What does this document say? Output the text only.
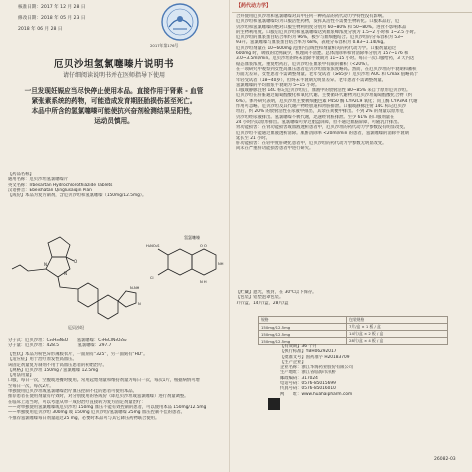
核准日期：2017 年 12 月 28 日
修改日期：2018 年 05 月 23 日
2018 年 06 月 28 日
2017年第176号
厄贝沙坦氢氯噻嗪片说明书
请仔细阅读说明书并在医师指导下使用
一旦发现妊娠应当尽快停止使用本品。直接作用于肾素 - 血管
紧张素系统的药物，可能造成发育期胚胎损伤甚至死亡。
本品中所含的氢氯噻嗪可能使抗兴奋剂检测结果呈阳性，
运动员慎用。
【药品名称】
通用名称：厄贝沙坦氢氯噻嗪片
英文名称：Irbesartan Hydrochlorothiazide Tablets
汉语拼音：Ebeishatan Qinglüsaiqin Pian
【成份】本品为复方制剂，含厄贝沙坦和氢氯噻嗪（150mg/12.5mg）。
O
N
N
N-NH
N
H₂NO₂S
Cl
O O
NH
N H
厄贝沙坦
氢氯噻嗪
分子式：厄贝沙坦：C₂₅H₂₈N₆O　　氢氯噻嗪：C₇H₈ClN₃O₄S₂
分子量：厄贝沙坦：428.5　　　　 氢氯噻嗪：297.7
【性状】本品为粉色异形薄膜衣片，一面刻有“325”，另一面刻有“HD”。
【适应症】用于治疗原发性高血压。
该固定剂量复方制剂不用于高血压患者的初始治疗。
【规格】厄贝沙坦 150mg / 氢氯噻嗪 12.5mg
【用法用量】
口服，每日一次，空腹或进餐时使用。常用起始剂量和维持剂量为每日一次，每次1片，根据病情可增
至每日一次，每次2片。
单独使用厄贝沙坦或氢氯噻嗪治疗血压控制不佳的患者可使用本品。
推荐患者在使用剂量有疗效时，对分别使用的各成份（即厄贝沙坦或氢氯噻嗪）进行剂量调整。
在临床上适当时，可以考虑从单一成份治疗直接转为复方固定剂量治疗：
——对单独使用氢氯噻嗪或厄贝沙坦 150mg 血压不能有效控制的患者，可以使用本品 150mg/12.5mg
——单独使用厄贝沙坦 300mg 或 150mg 厄贝沙坦/氢氯噻嗪 25mg 血压控制不佳的患者。
不推荐氢氯噻嗪每日剂量超过25 mg，必要时本品可与其它降压药物联合使用。
【药代动力学】
合并使用厄贝沙坦和氢氯噻嗪对其中任何一种药品的药代动力学特性没有影响。
厄贝沙坦和氢氯噻嗪均为口服活性药物，发挥其活性不需要生物转化。口服本品后，厄
贝沙坦和氢氯噻嗪的绝对口服生物利用度分别为 60~80% 和 50~80%。进食不影响本品
的生物利用度。口服后厄贝沙坦和氢氯噻嗪达到血浆峰浓度分别为 1.5~2 小时和 1~2.5 小时。
厄贝沙坦的血浆蛋白结合率约为 96%，极少与血细胞结合。厄贝沙坦的分布容积为 53~
93升。氢氯噻嗪与血浆蛋白结合率为 68%，表观分布容积为 0.83~1.14l/kg。
厄贝沙坦剂量在 10~600mg 范围内呈线性和剂量相关的药代动力学。口服剂量超过
600mg 时，吸收的比例减少，机理尚不清楚。总体清除率和肾清除率分别为 157~176 和
3.0~3.5ml/min。厄贝沙坦的终末消除半衰期为 11~15 小时。每日一次口服给药，3 天内达
稳态血浆浓度。重复给药后，厄贝沙坦在血浆中有限的蓄积（<20%）。
在一项研究中观察到女性高血压患者厄贝沙坦血浆浓度略高。然而，在厄贝沙坦的半衰期和蓄积
方面无差异，女性患者不需调整剂量。老年受试者（≥65岁）厄贝沙坦 AUC 和 Cmax 值略高于
年轻受试者（18~40岁），但终末半衰期无明显差异。老年患者不需调整剂量。
氢氯噻嗪的平均血浆半衰期为 5~15 小时。
口服或静脉注射 14C 标记厄贝沙坦后，血液中的放射活性 80~85% 来自于原形厄贝沙坦。
厄贝沙坦在肝脏通过葡萄醛酸化和氧化代谢。主要循环代谢物为厄贝沙坦葡萄醛酸化合物（约
6%）。体外研究表明，厄贝沙坦主要被细胞色素 P450 酶 CYP2C9 氧化；同工酶 CYP3A4 代谢
作用可忽略。厄贝沙坦及其代谢产物经胆道和肾脏排泄。口服或静脉注射 14C 标记厄贝沙
坦后，约 20% 的放射活性在尿液中排出，其余在粪便中排出。不到 2% 的剂量以原形厄
贝沙坦经尿液排出。氢氯噻嗪不被代谢，迅速经肾脏排泄。至少 61% 的口服剂量在
24 小时内以原形排出。氢氯噻嗪可穿过胎盘屏障，但不通过血脑屏障，可随乳汁排出。
肾功能损害：在肾功能损害或血液透析患者中，厄贝沙坦的药代动力学参数没有明显改变。
厄贝沙坦不能通过血液透析清除。肌酐清除率 <20ml/min 的患者，氢氯噻嗪的消除半衰期
延长至 21 小时。
肝功能损害：在轻中度肝硬化患者中，厄贝沙坦的药代动力学参数无明显改变。
尚未在严重肝功能损害患者中进行研究。
【贮藏】遮光，密封，在 30℃以下保存。
【包装】铝塑泡罩包装。
7片/盒、14片/盒、28片/盒
规格	包装规格
150mg/12.5mg	7片/盒 × 1 板 / 盒
150mg/12.5mg	14片/盒 × 2 板 / 盒
150mg/12.5mg	28片/盒 × 4 板 / 盒
【有效期】36 个月
【执行标准】YBH06292017
【批准文号】国药准字 H20183709
【生产企业】
企业名称：浙江华海药业股份有限公司
生产地址：浙江省临海市汛桥
邮政编码：317024
电话号码：0576-85015699
传真号码：0576-85016010
网　　址：www.huahaipharm.com
26082-03
